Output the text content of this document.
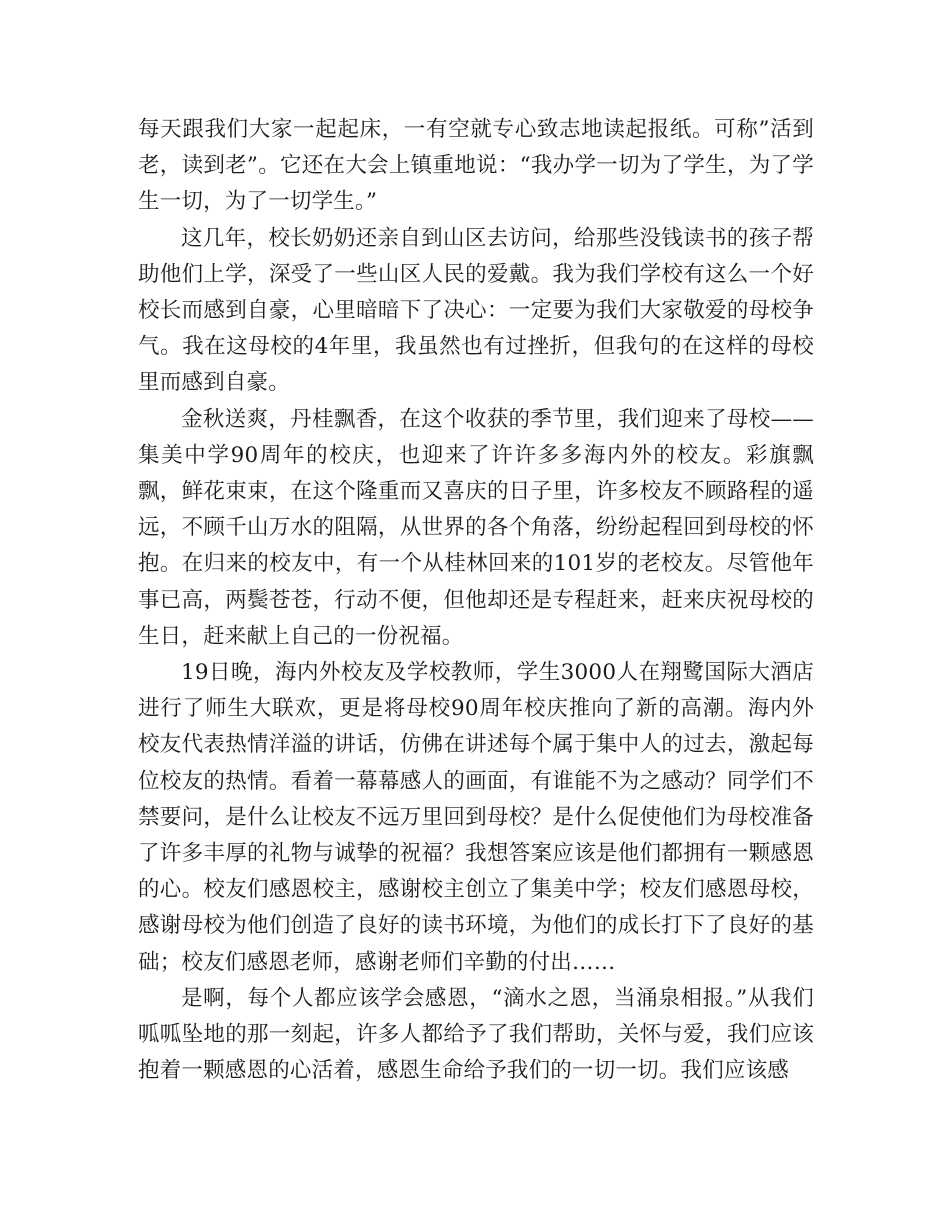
每天跟我们大家一起起床，一有空就专心致志地读起报纸。可称”活到老，读到老”。它还在大会上镇重地说：“我办学一切为了学生，为了学生一切，为了一切学生。”

这几年，校长奶奶还亲自到山区去访问，给那些没钱读书的孩子帮助他们上学，深受了一些山区人民的爱戴。我为我们学校有这么一个好校长而感到自豪，心里暗暗下了决心：一定要为我们大家敬爱的母校争气。我在这母校的4年里，我虽然也有过挫折，但我句的在这样的母校里而感到自豪。

金秋送爽，丹桂飘香，在这个收获的季节里，我们迎来了母校——集美中学90周年的校庆，也迎来了许许多多海内外的校友。彩旗飘飘，鲜花束束，在这个隆重而又喜庆的日子里，许多校友不顾路程的遥远，不顾千山万水的阻隔，从世界的各个角落，纷纷起程回到母校的怀抱。在归来的校友中，有一个从桂林回来的101岁的老校友。尽管他年事已高，两鬓苍苍，行动不便，但他却还是专程赶来，赶来庆祝母校的生日，赶来献上自己的一份祝福。

19日晚，海内外校友及学校教师，学生3000人在翔鹭国际大酒店进行了师生大联欢，更是将母校90周年校庆推向了新的高潮。海内外校友代表热情洋溢的讲话，仿佛在讲述每个属于集中人的过去，激起每位校友的热情。看着一幕幕感人的画面，有谁能不为之感动？同学们不禁要问，是什么让校友不远万里回到母校？是什么促使他们为母校准备了许多丰厚的礼物与诚挚的祝福？我想答案应该是他们都拥有一颗感恩的心。校友们感恩校主，感谢校主创立了集美中学；校友们感恩母校，感谢母校为他们创造了良好的读书环境，为他们的成长打下了良好的基础；校友们感恩老师，感谢老师们辛勤的付出……

是啊，每个人都应该学会感恩，“滴水之恩，当涌泉相报。”从我们呱呱坠地的那一刻起，许多人都给予了我们帮助，关怀与爱，我们应该抱着一颗感恩的心活着，感恩生命给予我们的一切一切。我们应该感
